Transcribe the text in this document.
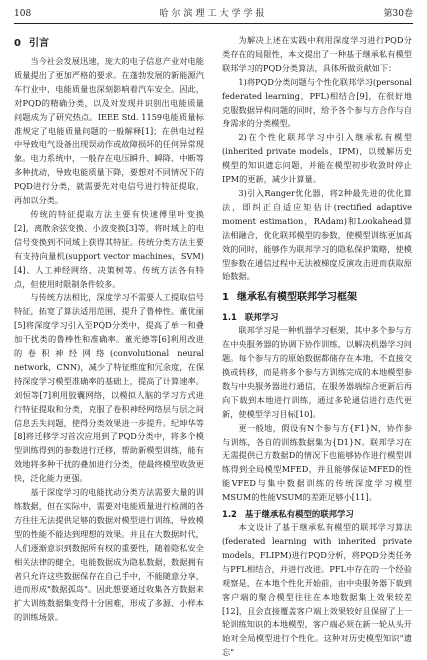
108	哈尔滨理工大学学报	第30卷
0 引言

当今社会发展迅速，庞大的电子信息产业对电能质量提出了更加严格的要求。在蓬勃发展的新能源汽车行业中，电能质量也深刻影响着汽车安全。因此，对PQD的精确分类，以及对发现并识别出电能质量问题成为了研究热点。IEEE Std. 1159电能质量标准规定了电能质量问题的一般解释[1]；在供电过程中导致电气设备出现误动作或故障损坏的任何异常现象。电力系统中，一般存在电压瞬升、瞬降、中断等多种扰动，导致电能质量下降，要想对不同情况下的PQD进行分类，就需要先对电信号进行特征提取，再加以分类。

传统的特征提取方法主要有快速傅里叶变换[2]，离散余弦变换、小波变换[3]等，将时域上的电信号变换到不同域上获得其特征。传统分类方法主要有支持向量机(support vector machines，SVM)[4]、人工神经网络、决策树等。传统方法各有特点，但使用时限制条件较多。

与传统方法相比，深度学习不需要人工提取信号特征，拓宽了算法适用范围，提升了鲁棒性。董优丽[5]将深度学习引入至PQD分类中，提高了单一和叠加干扰类的鲁棒性和准确率。董光德等[6]利用改进的卷积神经网络(convolutional neural network，CNN)，减少了特征维度和冗余度，在保持深度学习模型准确率的基础上，提高了计算速率。刘恒等[7]利用胶囊网络，以模拟人脑的学习方式进行特征提取和分类，克服了卷积神经网络层与层之间信息丢失问题，使得分类效果进一步提升。纪坤华等[8]将迁移学习首次应用到了PQD分类中，将多个模型训练得到的参数进行迁移，帮助新模型训练，能有效地将多种干扰的叠加进行分类，使最终模型收敛更快，泛化能力更强。

基于深度学习的电能扰动分类方法需要大量的训练数据，但在实际中，需要对电能质量进行检测的各方往往无法提供足够的数据对模型进行训练，导致模型的性能不能达到理想的效果。并且在大数据时代，人们逐渐意识到数据所有权的重要性，随着隐私安全相关法律的健全，电能数据成为隐私数据，数据拥有者只允许这些数据保存在自己手中，不能随意分享，进而形成"数据孤岛"。因此想要通过收集各方数据来扩大训练数据集变得十分困难，形成了多源、小样本的训练场景。

为解决上述在实践中利用深度学习进行PQD分类存在的局限性，本文提出了一种基于继承私有模型联邦学习的PQD分类算法，具体所做贡献如下：

1)将PQD分类问题与个性化联邦学习(personal federated learning，PFL)相结合[9]，在很好地克服数据异构问题的同时，给予各个参与方合作与自身需求的分类模型。

2)在个性化联邦学习中引入继承私有模型(inherited private models，IPM)，以缓解历史模型的知识遗忘问题，并能在模型初步收敛时停止IPM的更新，减少计算量。

3)引入Ranger优化器，将2种最先进的优化算法，即纠正自适应矩估计(rectified adaptive moment estimation，RAdam)和Lookahead算法相融合，优化联邦模型的参数，使模型训练更加高效的同时，能够作为联邦学习的隐私保护策略，使模型参数在通信过程中无法被梯度反演攻击进而获取原始数据。

1 继承私有模型联邦学习框架
1.1 联邦学习

联邦学习是一种机器学习框架，其中多个参与方在中央服务器的协调下协作训练，以解决机器学习问题。每个参与方的原始数据都储存在本地，不直接交换或转移，而是将多个参与方训练完成的本地模型参数与中央服务器进行通信，在服务器端综合更新后再向下载到本地进行训练，通过多轮通信进行迭代更新，使模型学习目标[10]。

更一般地，假设有N个参与方{F1}N，协作参与训练，各自的训练数据集为{D1}N。联邦学习在无需提供已方数据D的情况下也能够协作进行模型训练得到全局模型MFED，并且能够保证MFED的性能VFED与集中数据训练的传统深度学习模型MSUM的性能VSUM的差距足够小[11]。

1.2 基于继承私有模型的联邦学习

本文设计了基于继承私有模型的联邦学习算法(federated learning with inherited private models，FLIPM)进行PQD分析，将PQD分类任务与PFL相结合，并进行改进。PFL中存在的一个经验观察是，在本地个性化开始前，由中央服务器下载到客户端的聚合模型往往在本地数据集上效果较差[12]，且会直接覆盖客户端上效果较好且保留了上一轮训练知识的本地模型，客户端必须在新一轮从头开始对全局模型进行个性化。这种对历史模型知识"遗忘"
